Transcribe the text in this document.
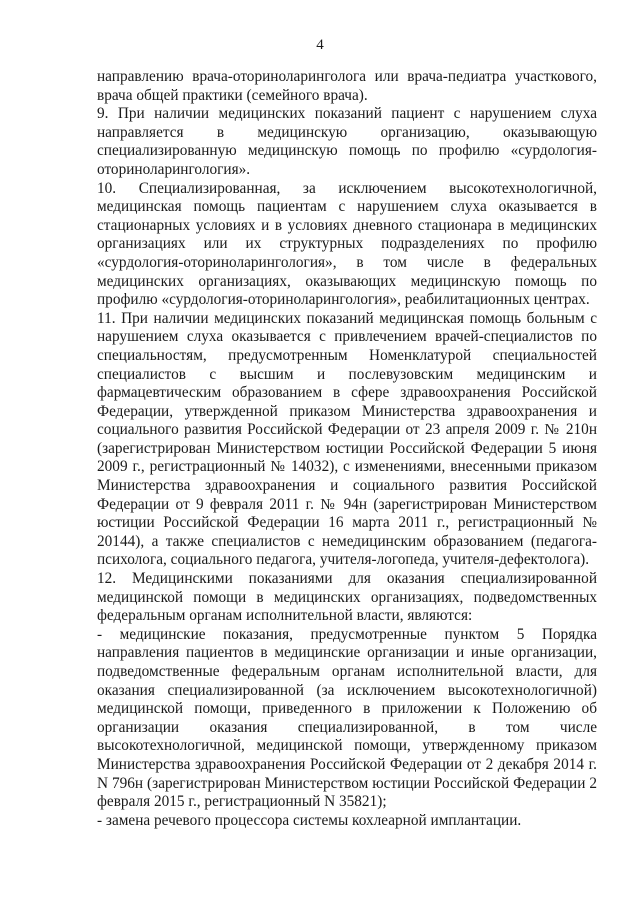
4

направлению врача-оториноларинголога или врача-педиатра участкового, врача общей практики (семейного врача).

9. При наличии медицинских показаний пациент с нарушением слуха направляется в медицинскую организацию, оказывающую специализированную медицинскую помощь по профилю «сурдология-оториноларингология».

10. Специализированная, за исключением высокотехнологичной, медицинская помощь пациентам с нарушением слуха оказывается в стационарных условиях и в условиях дневного стационара в медицинских организациях или их структурных подразделениях по профилю «сурдология-оториноларингология», в том числе в федеральных медицинских организациях, оказывающих медицинскую помощь по профилю «сурдология-оториноларингология», реабилитационных центрах.

11. При наличии медицинских показаний медицинская помощь больным с нарушением слуха оказывается с привлечением врачей-специалистов по специальностям, предусмотренным Номенклатурой специальностей специалистов с высшим и послевузовским медицинским и фармацевтическим образованием в сфере здравоохранения Российской Федерации, утвержденной приказом Министерства здравоохранения и социального развития Российской Федерации от 23 апреля 2009 г. № 210н (зарегистрирован Министерством юстиции Российской Федерации 5 июня 2009 г., регистрационный № 14032), с изменениями, внесенными приказом Министерства здравоохранения и социального развития Российской Федерации от 9 февраля 2011 г. № 94н (зарегистрирован Министерством юстиции Российской Федерации 16 марта 2011 г., регистрационный № 20144), а также специалистов с немедицинским образованием (педагога-психолога, социального педагога, учителя-логопеда, учителя-дефектолога).

12. Медицинскими показаниями для оказания специализированной медицинской помощи в медицинских организациях, подведомственных федеральным органам исполнительной власти, являются:

- медицинские показания, предусмотренные пунктом 5 Порядка направления пациентов в медицинские организации и иные организации, подведомственные федеральным органам исполнительной власти, для оказания специализированной (за исключением высокотехнологичной) медицинской помощи, приведенного в приложении к Положению об организации оказания специализированной, в том числе высокотехнологичной, медицинской помощи, утвержденному приказом Министерства здравоохранения Российской Федерации от 2 декабря 2014 г. N 796н (зарегистрирован Министерством юстиции Российской Федерации 2 февраля 2015 г., регистрационный N 35821);

- замена речевого процессора системы кохлеарной имплантации.
